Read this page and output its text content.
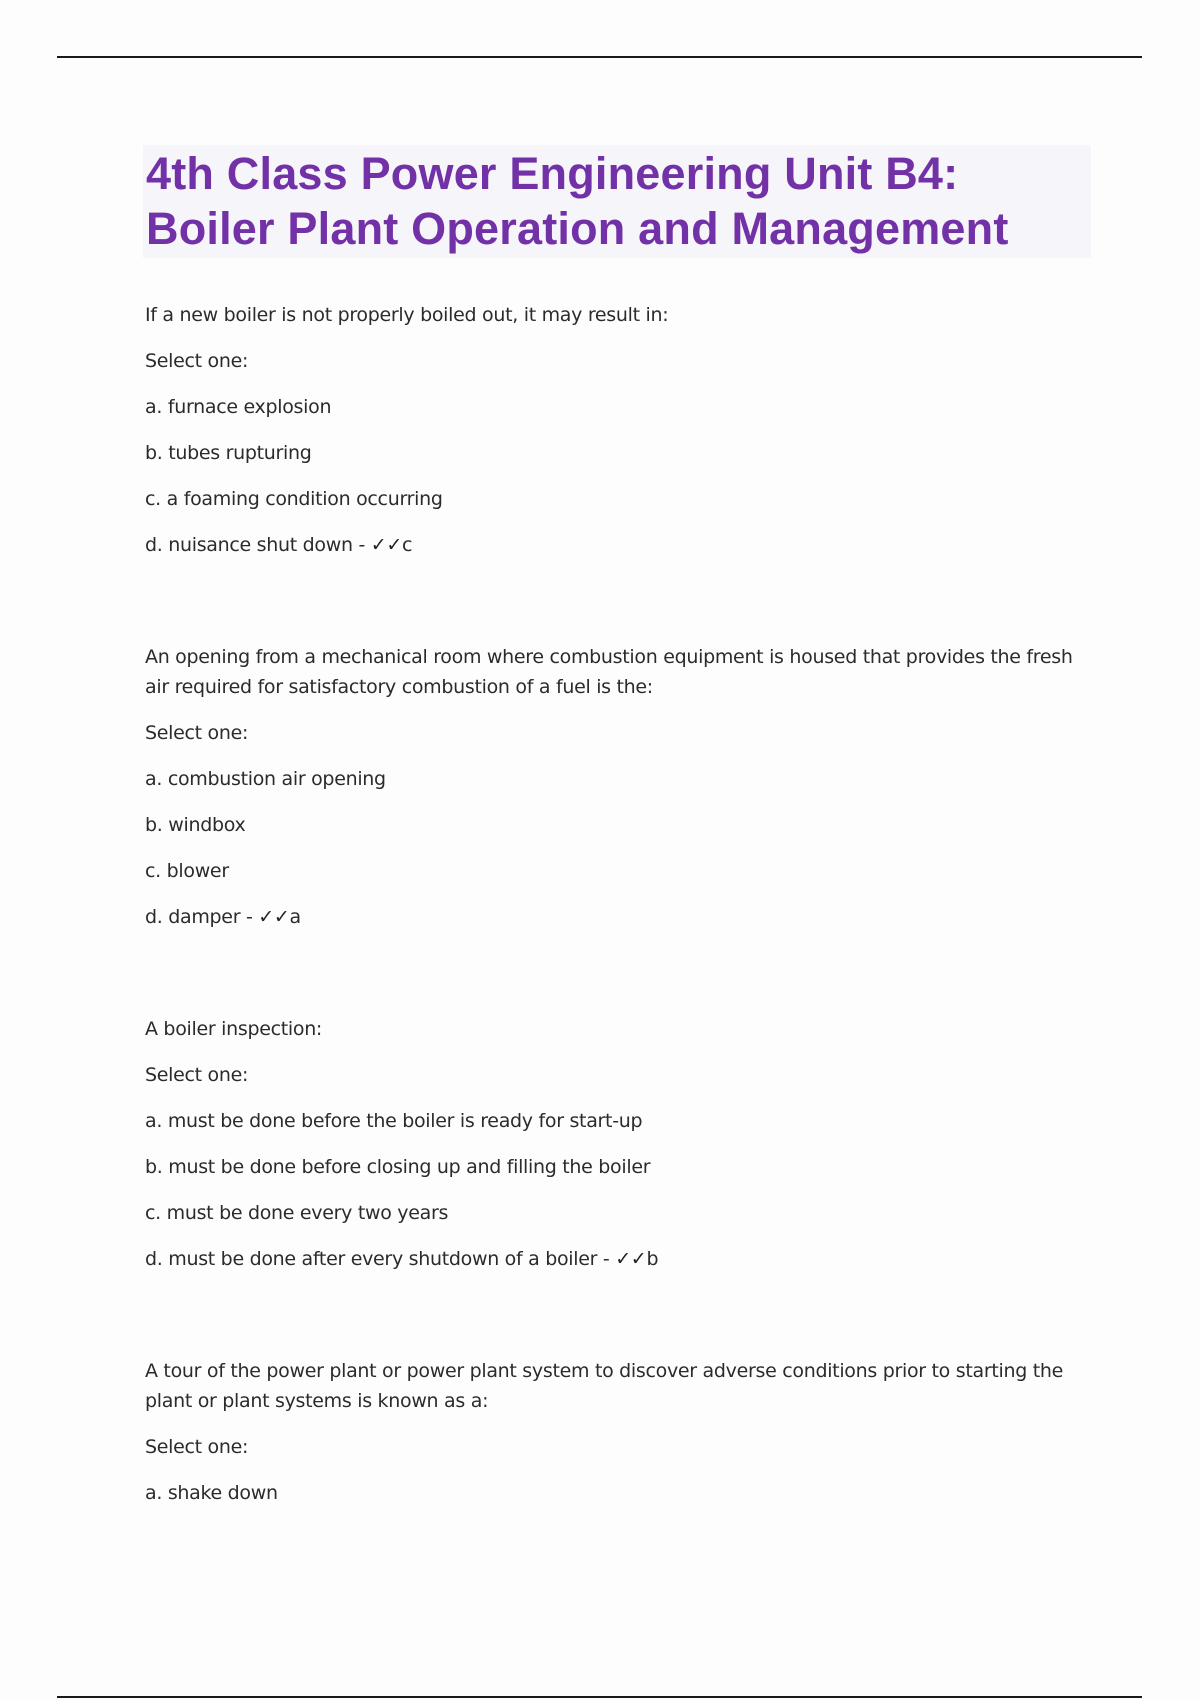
4th Class Power Engineering Unit B4: Boiler Plant Operation and Management

If a new boiler is not properly boiled out, it may result in:

Select one:

a. furnace explosion

b. tubes rupturing

c. a foaming condition occurring

d. nuisance shut down - ✓✓c

An opening from a mechanical room where combustion equipment is housed that provides the fresh air required for satisfactory combustion of a fuel is the:

Select one:

a. combustion air opening

b. windbox

c. blower

d. damper - ✓✓a

A boiler inspection:

Select one:

a. must be done before the boiler is ready for start-up

b. must be done before closing up and filling the boiler

c. must be done every two years

d. must be done after every shutdown of a boiler - ✓✓b

A tour of the power plant or power plant system to discover adverse conditions prior to starting the plant or plant systems is known as a:

Select one:

a. shake down
